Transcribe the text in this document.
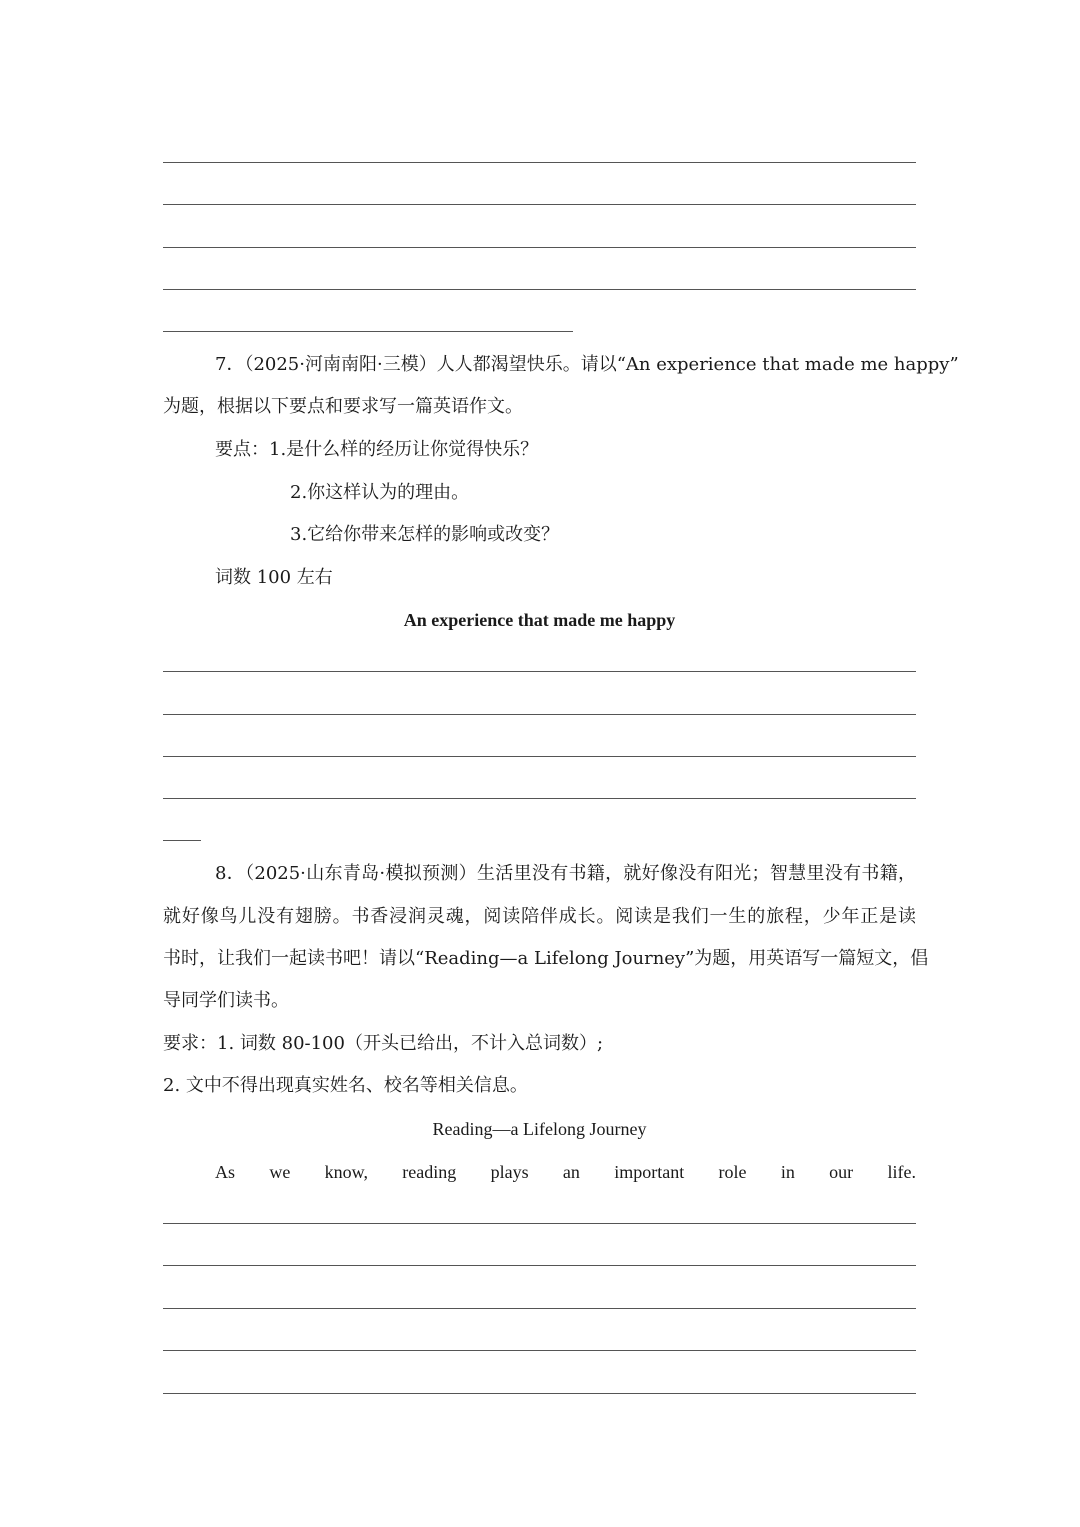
7．（2025·河南南阳·三模）人人都渴望快乐。请以“An experience that made me happy”
为题，根据以下要点和要求写一篇英语作文。
要点：1.是什么样的经历让你觉得快乐？
2.你这样认为的理由。
3.它给你带来怎样的影响或改变？
词数 100 左右
An experience that made me happy
8．（2025·山东青岛·模拟预测）生活里没有书籍，就好像没有阳光；智慧里没有书籍，
就好像鸟儿没有翅膀。书香浸润灵魂，阅读陪伴成长。阅读是我们一生的旅程，少年正是读
书时，让我们一起读书吧！请以“Reading—a Lifelong Journey”为题，用英语写一篇短文，倡
导同学们读书。
要求：1. 词数 80-100（开头已给出，不计入总词数）;
2. 文中不得出现真实姓名、校名等相关信息。
Reading—a Lifelong Journey
As we know, reading plays an important role in our life.
